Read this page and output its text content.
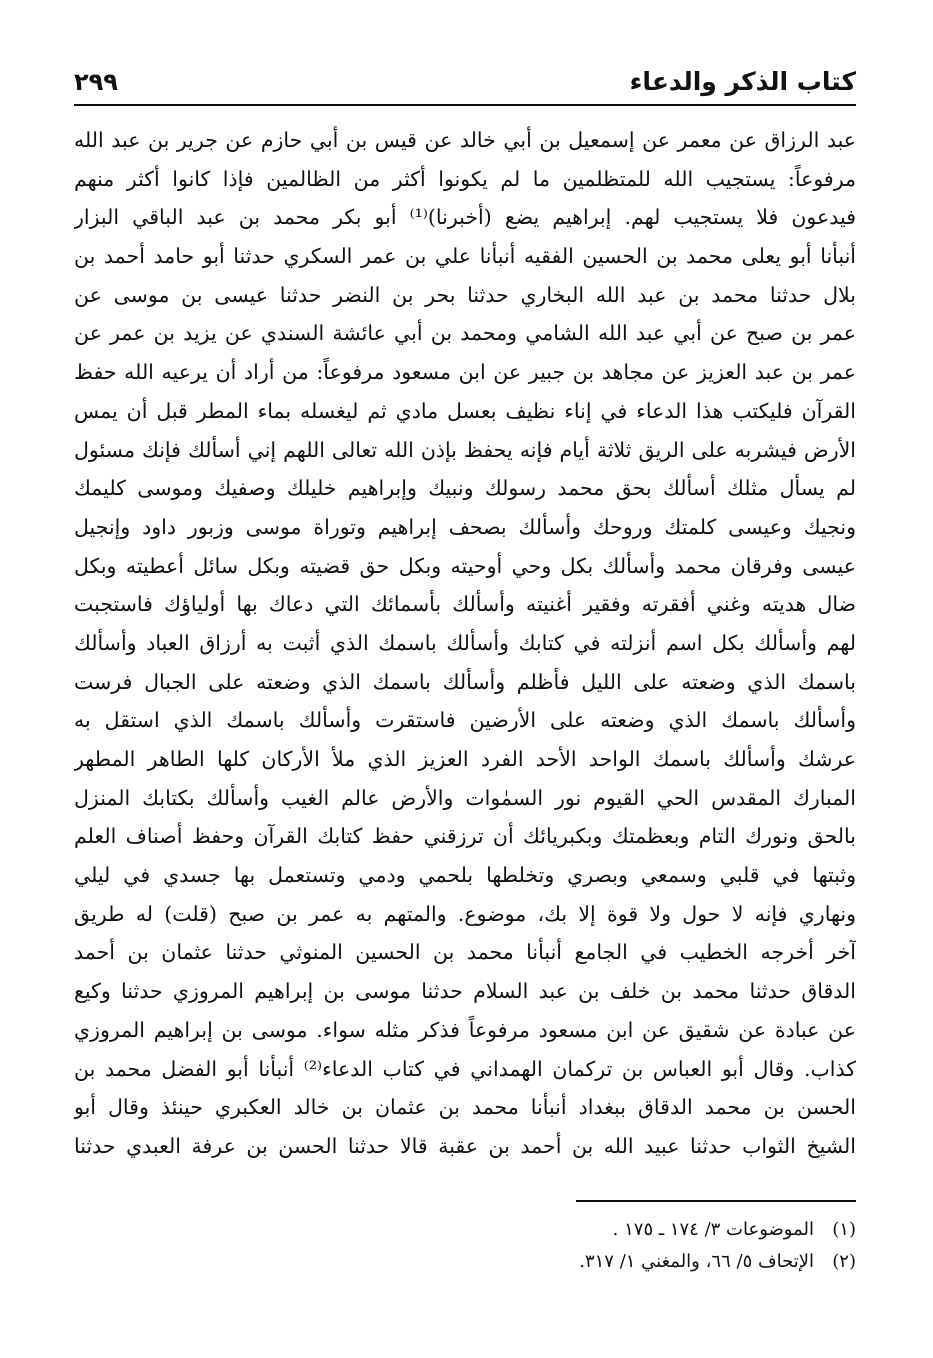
كتاب الذكر والدعاء
٢٩٩
عبد الرزاق عن معمر عن إسمعيل بن أبي خالد عن قيس بن أبي حازم عن جرير بن عبد الله
مرفوعاً: يستجيب الله للمتظلمين ما لم يكونوا أكثر من الظالمين فإذا كانوا أكثر منهم
فيدعون فلا يستجيب لهم. إبراهيم يضع (أخبرنا)⁽¹⁾ أبو بكر محمد بن عبد الباقي البزار
أنبأنا أبو يعلى محمد بن الحسين الفقيه أنبأنا علي بن عمر السكري حدثنا أبو حامد أحمد بن
بلال حدثنا محمد بن عبد الله البخاري حدثنا بحر بن النضر حدثنا عيسى بن موسى عن
عمر بن صبح عن أبي عبد الله الشامي ومحمد بن أبي عائشة السندي عن يزيد بن عمر عن
عمر بن عبد العزيز عن مجاهد بن جبير عن ابن مسعود مرفوعاً: من أراد أن يرعيه الله حفظ
القرآن فليكتب هذا الدعاء في إناء نظيف بعسل مادي ثم ليغسله بماء المطر قبل أن يمس
الأرض فيشربه على الريق ثلاثة أيام فإنه يحفظ بإذن الله تعالى اللهم إني أسألك فإنك مسئول
لم يسأل مثلك أسألك بحق محمد رسولك ونبيك وإبراهيم خليلك وصفيك وموسى كليمك
ونجيك وعيسى كلمتك وروحك وأسألك بصحف إبراهيم وتوراة موسى وزبور داود وإنجيل
عيسى وفرقان محمد وأسألك بكل وحي أوحيته وبكل حق قضيته وبكل سائل أعطيته وبكل
ضال هديته وغني أفقرته وفقير أغنيته وأسألك بأسمائك التي دعاك بها أولياؤك فاستجبت
لهم وأسألك بكل اسم أنزلته في كتابك وأسألك باسمك الذي أثبت به أرزاق العباد وأسألك
باسمك الذي وضعته على الليل فأظلم وأسألك باسمك الذي وضعته على الجبال فرست
وأسألك باسمك الذي وضعته على الأرضين فاستقرت وأسألك باسمك الذي استقل به
عرشك وأسألك باسمك الواحد الأحد الفرد العزيز الذي ملأ الأركان كلها الطاهر المطهر
المبارك المقدس الحي القيوم نور السمٰوات والأرض عالم الغيب وأسألك بكتابك المنزل
بالحق ونورك التام وبعظمتك وبكبريائك أن ترزقني حفظ كتابك القرآن وحفظ أصناف العلم
وثبتها في قلبي وسمعي وبصري وتخلطها بلحمي ودمي وتستعمل بها جسدي في ليلي
ونهاري فإنه لا حول ولا قوة إلا بك، موضوع. والمتهم به عمر بن صبح (قلت) له طريق
آخر أخرجه الخطيب في الجامع أنبأنا محمد بن الحسين المنوثي حدثنا عثمان بن أحمد
الدقاق حدثنا محمد بن خلف بن عبد السلام حدثنا موسى بن إبراهيم المروزي حدثنا وكيع
عن عبادة عن شقيق عن ابن مسعود مرفوعاً فذكر مثله سواء. موسى بن إبراهيم المروزي
كذاب. وقال أبو العباس بن تركمان الهمداني في كتاب الدعاء⁽²⁾ أنبأنا أبو الفضل محمد بن
الحسن بن محمد الدقاق ببغداد أنبأنا محمد بن عثمان بن خالد العكبري حينئذ وقال أبو
الشيخ الثواب حدثنا عبيد الله بن أحمد بن عقبة قالا حدثنا الحسن بن عرفة العبدي حدثنا
(١)
الموضوعات ٣/ ١٧٤ ـ ١٧٥ .
(٢)
الإتحاف ٥/ ٦٦، والمغني ١/ ٣١٧.
